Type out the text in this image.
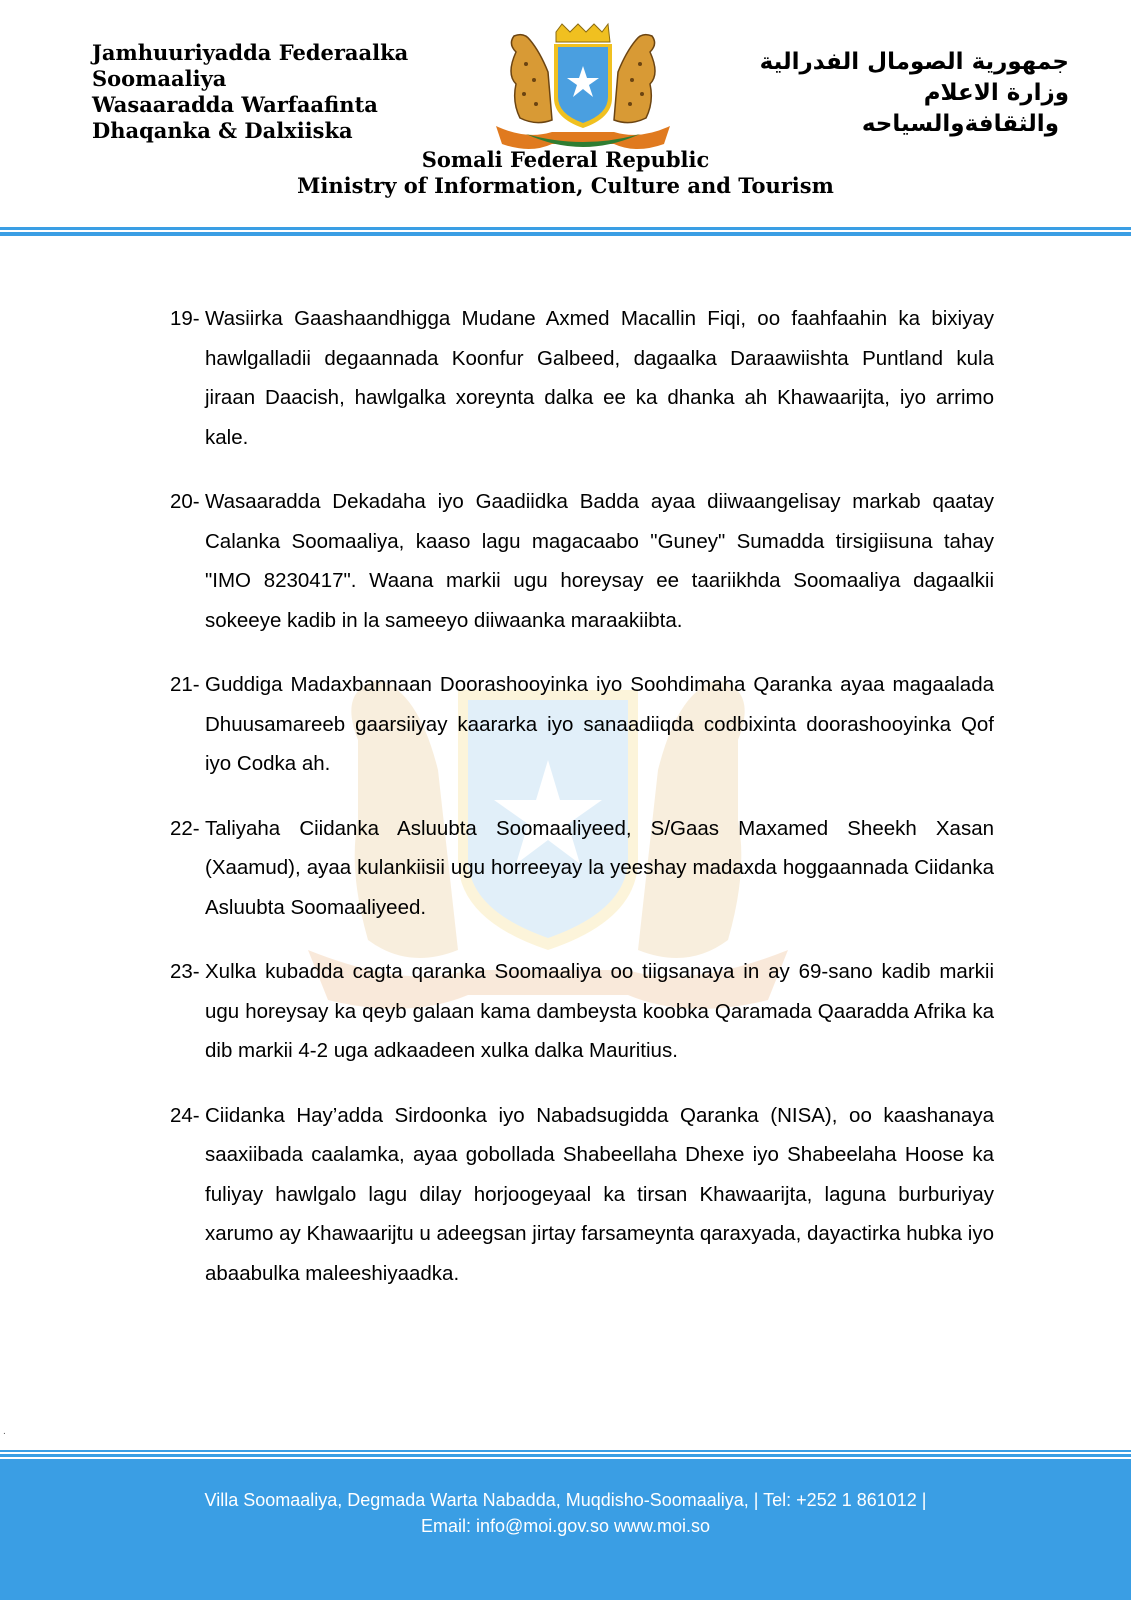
Jamhuuriyadda Federaalka
Soomaaliya
Wasaaradda Warfaafinta
Dhaqanka & Dalxiiska
جمهورية الصومال الفدرالية
وزارة الاعلام
والثقافةوالسياحه
Somali Federal Republic
Ministry of Information, Culture and Tourism
19- Wasiirka Gaashaandhigga Mudane Axmed Macallin Fiqi, oo faahfaahin ka bixiyay hawlgalladii degaannada Koonfur Galbeed, dagaalka Daraawiishta Puntland kula jiraan Daacish, hawlgalka xoreynta dalka ee ka dhanka ah Khawaarijta, iyo arrimo kale.
20- Wasaaradda Dekadaha iyo Gaadiidka Badda ayaa diiwaangelisay markab qaatay Calanka Soomaaliya, kaaso lagu magacaabo "Guney" Sumadda tirsigiisuna tahay "IMO 8230417". Waana markii ugu horeysay ee taariikhda Soomaaliya dagaalkii sokeeye kadib in la sameeyo diiwaanka maraakiibta.
21- Guddiga Madaxbannaan Doorashooyinka iyo Soohdimaha Qaranka ayaa magaalada Dhuusamareeb gaarsiiyay kaararka iyo sanaadiiqda codbixinta doorashooyinka Qof iyo Codka ah.
22- Taliyaha Ciidanka Asluubta Soomaaliyeed, S/Gaas Maxamed Sheekh Xasan (Xaamud), ayaa kulankiisii ugu horreeyay la yeeshay madaxda hoggaannada Ciidanka Asluubta Soomaaliyeed.
23- Xulka kubadda cagta qaranka Soomaaliya oo tiigsanaya in ay 69-sano kadib markii ugu horeysay ka qeyb galaan kama dambeysta koobka Qaramada Qaaradda Afrika ka dib markii 4-2 uga adkaadeen xulka dalka Mauritius.
24- Ciidanka Hay’adda Sirdoonka iyo Nabadsugidda Qaranka (NISA), oo kaashanaya saaxiibada caalamka, ayaa gobollada Shabeellaha Dhexe iyo Shabeelaha Hoose ka fuliyay hawlgalo lagu dilay horjoogeyaal ka tirsan Khawaarijta, laguna burburiyay xarumo ay Khawaarijtu u adeegsan jirtay farsameynta qaraxyada, dayactirka hubka iyo abaabulka maleeshiyaadka.
.
Villa Soomaaliya, Degmada Warta Nabadda, Muqdisho-Soomaaliya, | Tel: +252 1 861012 |
Email: info@moi.gov.so www.moi.so
